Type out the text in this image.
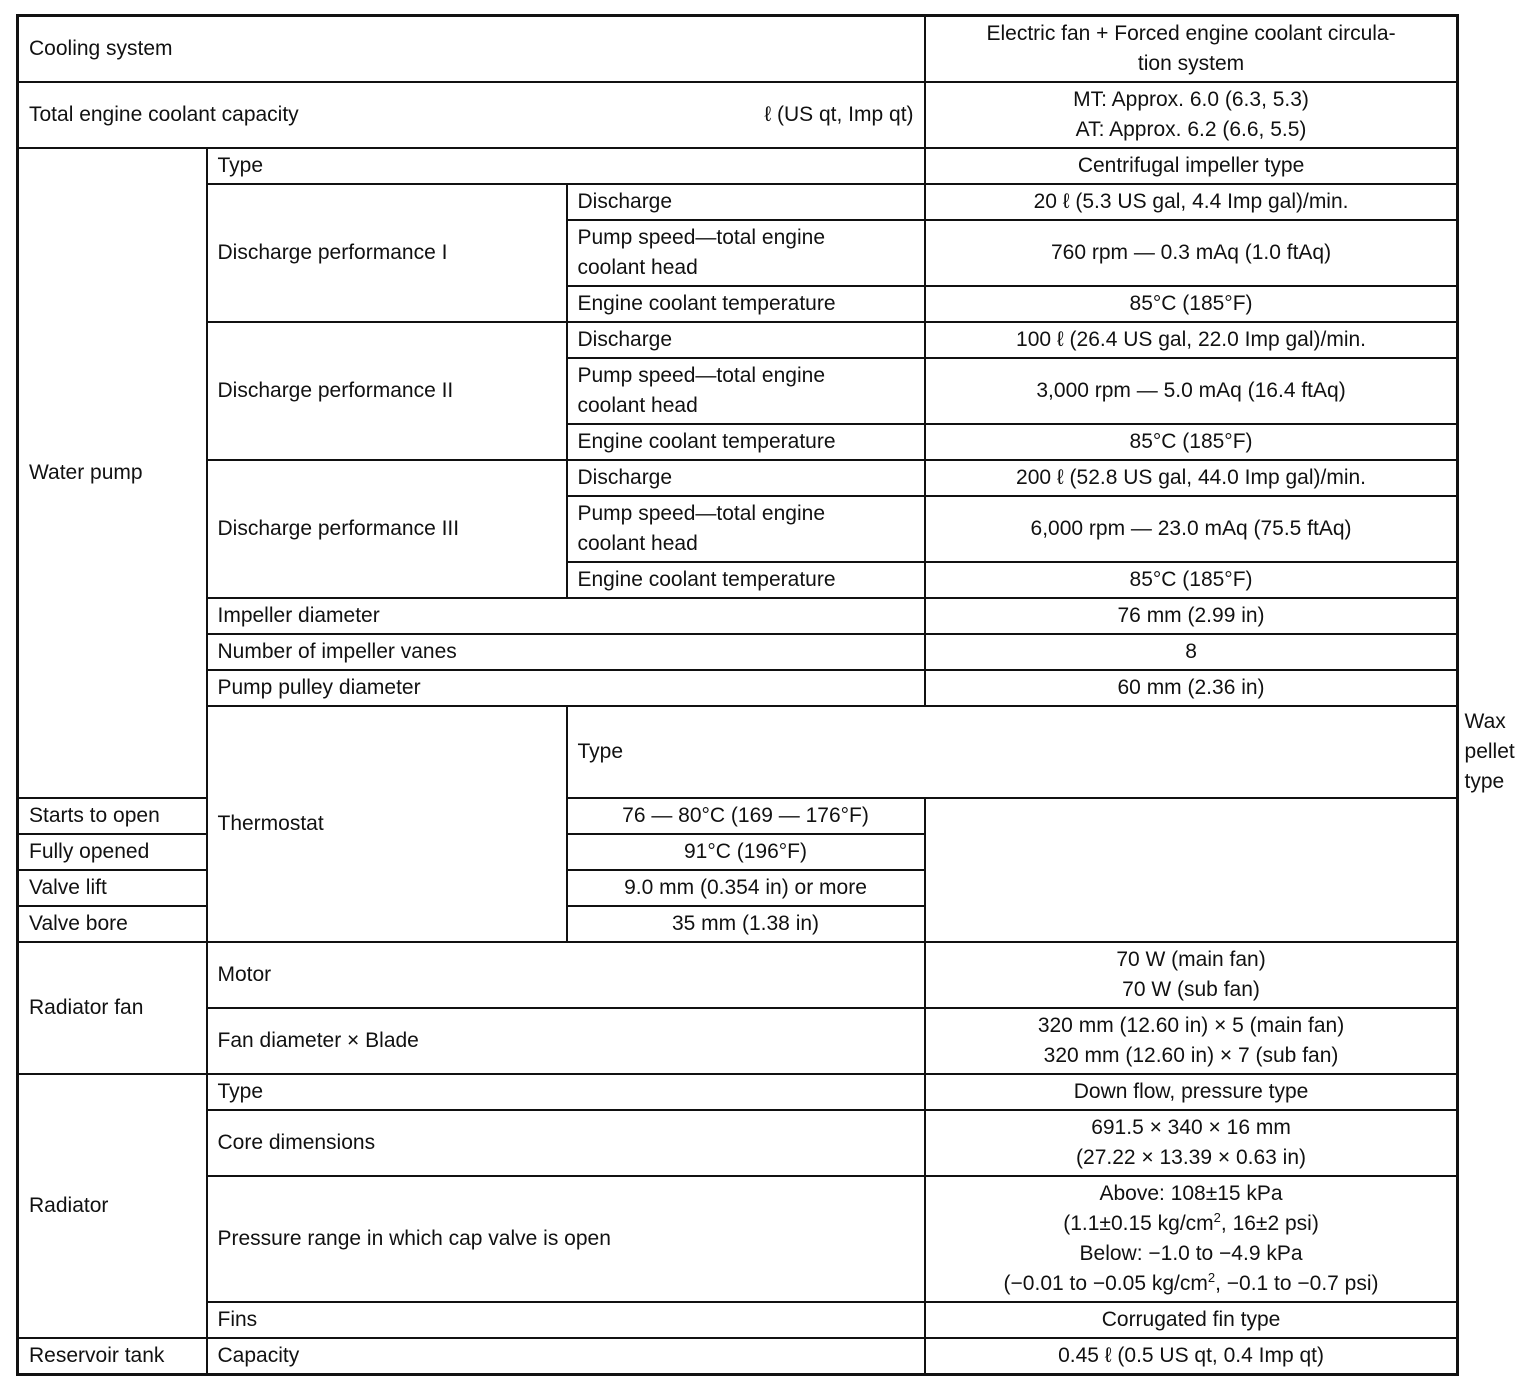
Cooling system			Electric fan + Forced engine coolant circula-
tion system	
Total engine coolant capacity ℓ (US qt, Imp qt)			MT: Approx. 6.0 (6.3, 5.3)
AT: Approx. 6.2 (6.6, 5.5)	
Water pump	Type		Centrifugal impeller type	
	Discharge performance I	Discharge	20 ℓ (5.3 US gal, 4.4 Imp gal)/min.	
		Pump speed—total engine
coolant head	760 rpm — 0.3 mAq (1.0 ftAq)	
		Engine coolant temperature	85°C (185°F)	
	Discharge performance II	Discharge	100 ℓ (26.4 US gal, 22.0 Imp gal)/min.	
		Pump speed—total engine
coolant head	3,000 rpm — 5.0 mAq (16.4 ftAq)	
		Engine coolant temperature	85°C (185°F)	
	Discharge performance III	Discharge	200 ℓ (52.8 US gal, 44.0 Imp gal)/min.	
		Pump speed—total engine
coolant head	6,000 rpm — 23.0 mAq (75.5 ftAq)	
		Engine coolant temperature	85°C (185°F)	
	Impeller diameter		76 mm (2.99 in)	
	Number of impeller vanes		8	
	Pump pulley diameter		60 mm (2.36 in)	
	Thermostat	Type		Wax pellet type
Starts to open		76 — 80°C (169 — 176°F)		
Fully opened		91°C (196°F)		
Valve lift		9.0 mm (0.354 in) or more		
Valve bore		35 mm (1.38 in)		
Radiator fan	Motor		70 W (main fan)
70 W (sub fan)	
	Fan diameter × Blade		320 mm (12.60 in) × 5 (main fan)
320 mm (12.60 in) × 7 (sub fan)	
Radiator	Type		Down flow, pressure type	
	Core dimensions		691.5 × 340 × 16 mm
(27.22 × 13.39 × 0.63 in)	
	Pressure range in which cap valve is open		Above: 108±15 kPa
(1.1±0.15 $kg/cm^2$, 16±2 psi)
Below: −1.0 to −4.9 kPa
(−0.01 to −0.05 $kg/cm^2$, −0.1 to −0.7 psi)	
	Fins		Corrugated fin type	
Reservoir tank	Capacity		0.45 ℓ (0.5 US qt, 0.4 Imp qt)	
